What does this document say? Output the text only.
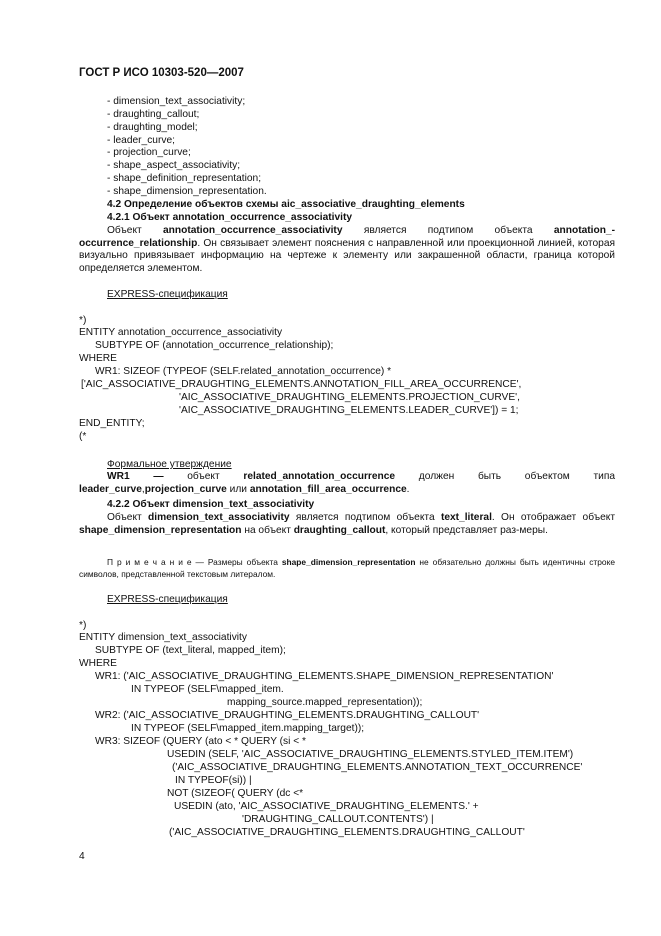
ГОСТ Р ИСО 10303-520—2007
- dimension_text_associativity;
- draughting_callout;
- draughting_model;
- leader_curve;
- projection_curve;
- shape_aspect_associativity;
- shape_definition_representation;
- shape_dimension_representation.
4.2 Определение объектов схемы aic_associative_draughting_elements
4.2.1 Объект annotation_occurrence_associativity
Объект annotation_occurrence_associativity является подтипом объекта annotation_-occurrence_relationship. Он связывает элемент пояснения с направленной или проекционной линией, которая визуально привязывает информацию на чертеже к элементу или закрашенной области, граница которой определяется элементом.
EXPRESS-спецификация
*)
ENTITY annotation_occurrence_associativity
SUBTYPE OF (annotation_occurrence_relationship);
WHERE
WR1: SIZEOF (TYPEOF (SELF.related_annotation_occurrence) *
['AIC_ASSOCIATIVE_DRAUGHTING_ELEMENTS.ANNOTATION_FILL_AREA_OCCURRENCE',
'AIC_ASSOCIATIVE_DRAUGHTING_ELEMENTS.PROJECTION_CURVE',
'AIC_ASSOCIATIVE_DRAUGHTING_ELEMENTS.LEADER_CURVE']) = 1;
END_ENTITY;
(*
Формальное утверждение
WR1 — объект related_annotation_occurrence должен быть объектом типа leader_curve,projection_curve или annotation_fill_area_occurrence.
4.2.2 Объект dimension_text_associativity
Объект dimension_text_associativity является подтипом объекта text_literal. Он отображает объект shape_dimension_representation на объект draughting_callout, который представляет раз-меры.
П р и м е ч а н и е — Размеры объекта shape_dimension_representation не обязательно должны быть идентичны строке символов, представленной текстовым литералом.
EXPRESS-спецификация
*)
ENTITY dimension_text_associativity
SUBTYPE OF (text_literal, mapped_item);
WHERE
WR1: ('AIC_ASSOCIATIVE_DRAUGHTING_ELEMENTS.SHAPE_DIMENSION_REPRESENTATION'
IN TYPEOF (SELF\mapped_item.
mapping_source.mapped_representation));
WR2: ('AIC_ASSOCIATIVE_DRAUGHTING_ELEMENTS.DRAUGHTING_CALLOUT'
IN TYPEOF (SELF\mapped_item.mapping_target));
WR3: SIZEOF (QUERY (ato < * QUERY (si < *
USEDIN (SELF, 'AIC_ASSOCIATIVE_DRAUGHTING_ELEMENTS.STYLED_ITEM.ITEM')
('AIC_ASSOCIATIVE_DRAUGHTING_ELEMENTS.ANNOTATION_TEXT_OCCURRENCE'
IN TYPEOF(si)) |
NOT (SIZEOF( QUERY (dc <*
USEDIN (ato, 'AIC_ASSOCIATIVE_DRAUGHTING_ELEMENTS.' +
'DRAUGHTING_CALLOUT.CONTENTS') |
('AIC_ASSOCIATIVE_DRAUGHTING_ELEMENTS.DRAUGHTING_CALLOUT'
4
